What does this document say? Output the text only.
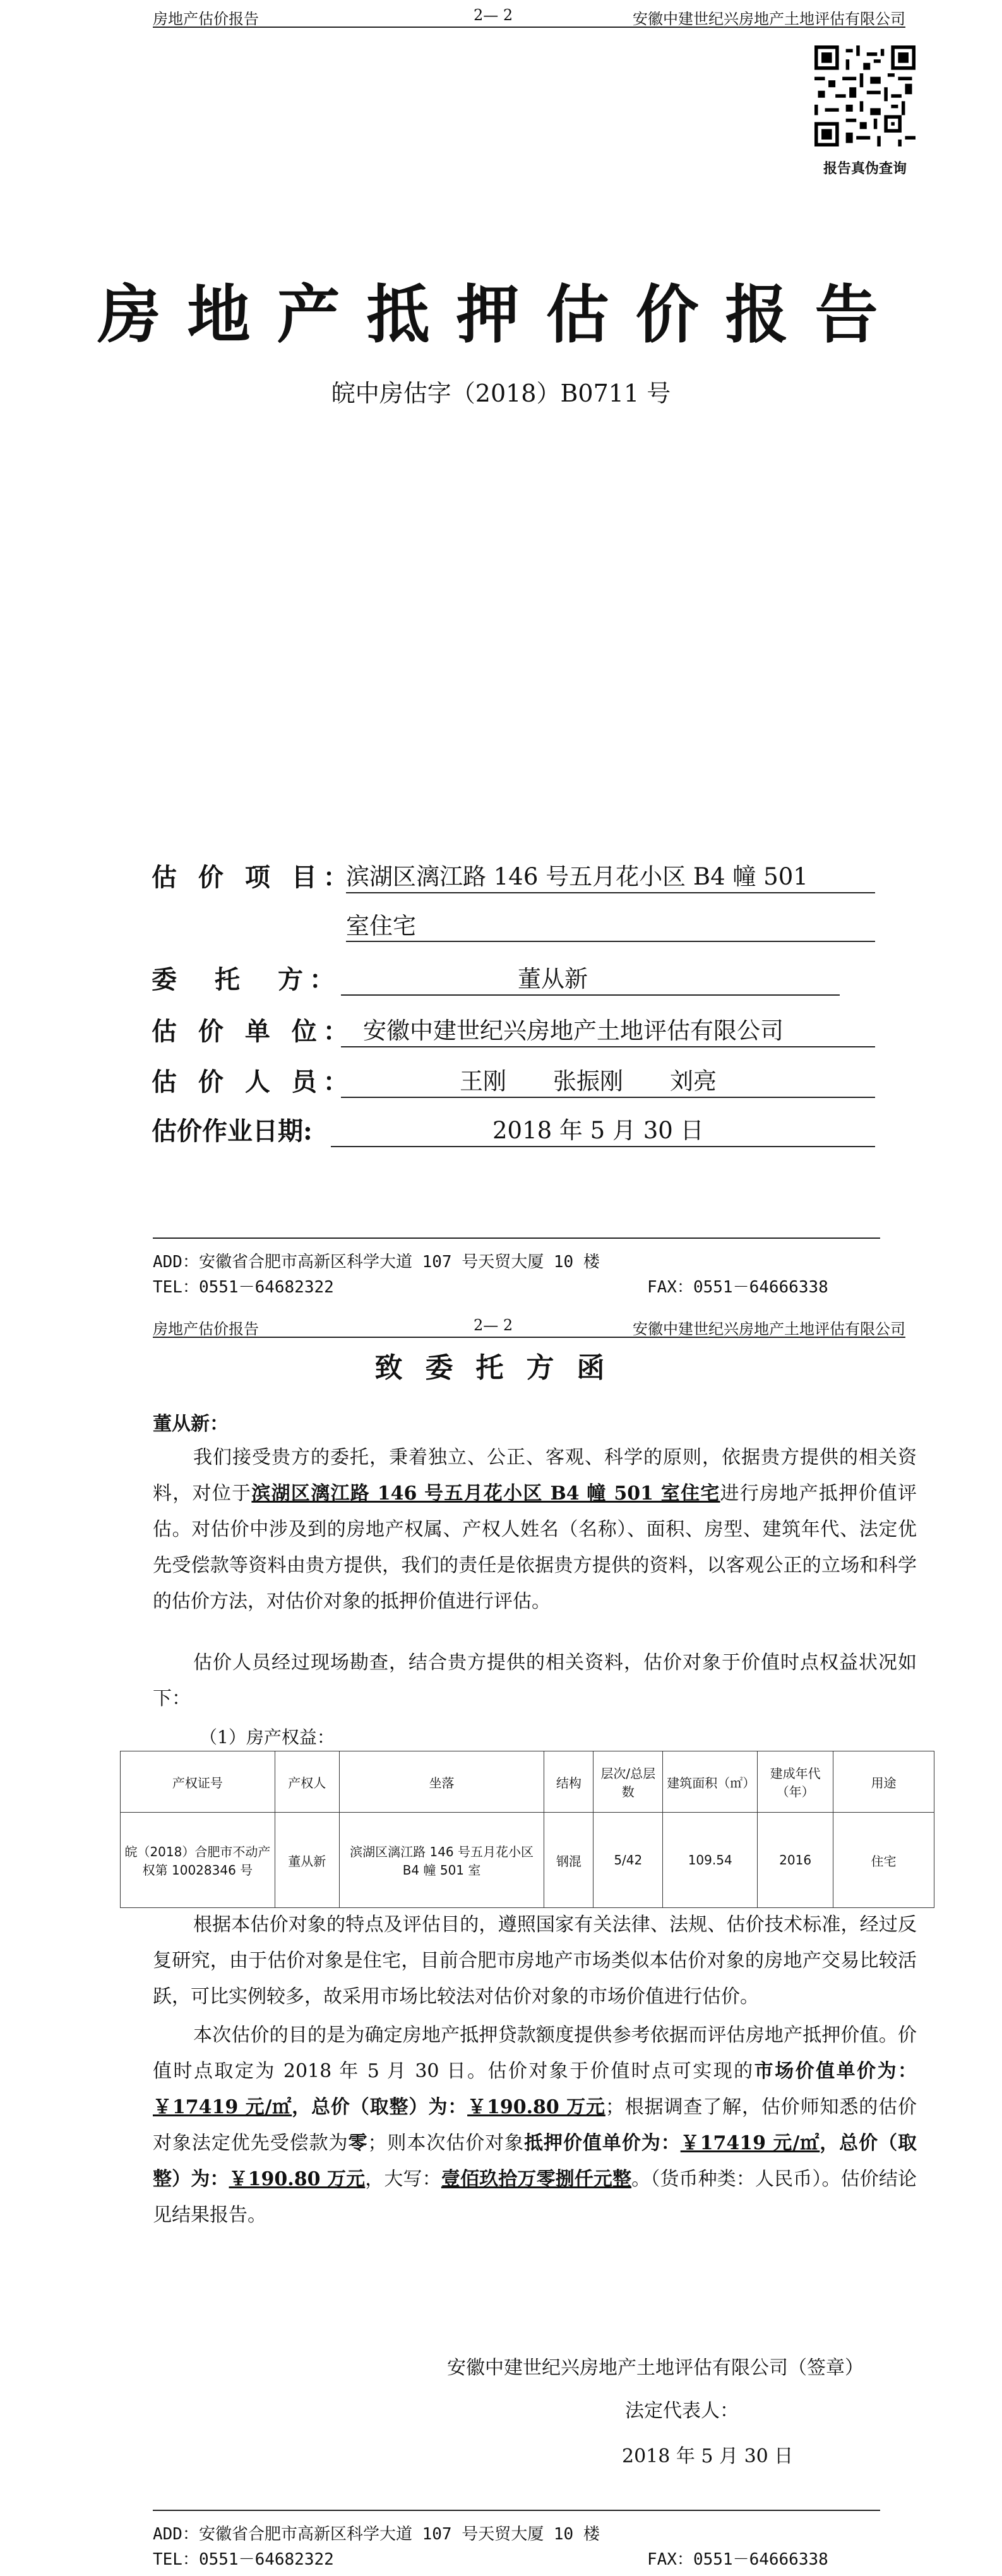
房地产估价报告	2— 2	安徽中建世纪兴房地产土地评估有限公司
报告真伪查询
房地产抵押估价报告
皖中房估字（2018）B0711 号
估 价 项 目：
滨湖区漓江路 146 号五月花小区 B4 幢 501
室住宅
委　托　方：	董从新
估 价 单 位： 安徽中建世纪兴房地产土地评估有限公司
估 价 人 员：	王刚　　张振刚　　刘亮
估价作业日期:	2018 年 5 月 30 日
ADD：安徽省合肥市高新区科学大道 107 号天贸大厦 10 楼
TEL：0551－64682322	FAX：0551－64666338
房地产估价报告	2— 2	安徽中建世纪兴房地产土地评估有限公司
致委托方函
董从新：
我们接受贵方的委托，秉着独立、公正、客观、科学的原则，依据贵方提供的相关资料，对位于滨湖区漓江路 146 号五月花小区 B4 幢 501 室住宅进行房地产抵押价值评估。对估价中涉及到的房地产权属、产权人姓名（名称）、面积、房型、建筑年代、法定优先受偿款等资料由贵方提供，我们的责任是依据贵方提供的资料，以客观公正的立场和科学的估价方法，对估价对象的抵押价值进行评估。
估价人员经过现场勘查，结合贵方提供的相关资料，估价对象于价值时点权益状况如下：
（1）房产权益：
产权证号	产权人	坐落	结构	层次/总层数	建筑面积（㎡）	建成年代（年）	用途
皖（2018）合肥市不动产权第 10028346 号	董从新	滨湖区漓江路 146 号五月花小区 B4 幢 501 室	钢混	5/42	109.54	2016	住宅
根据本估价对象的特点及评估目的，遵照国家有关法律、法规、估价技术标准，经过反复研究，由于估价对象是住宅，目前合肥市房地产市场类似本估价对象的房地产交易比较活跃，可比实例较多，故采用市场比较法对估价对象的市场价值进行估价。
本次估价的目的是为确定房地产抵押贷款额度提供参考依据而评估房地产抵押价值。价值时点取定为 2018 年 5 月 30 日。估价对象于价值时点可实现的市场价值单价为：￥17419 元/㎡，总价（取整）为：￥190.80 万元；根据调查了解，估价师知悉的估价对象法定优先受偿款为零；则本次估价对象抵押价值单价为：￥17419 元/㎡，总价（取整）为：￥190.80 万元，大写：壹佰玖拾万零捌仟元整。（货币种类：人民币）。估价结论见结果报告。
安徽中建世纪兴房地产土地评估有限公司（签章）
法定代表人：
2018 年 5 月 30 日
ADD：安徽省合肥市高新区科学大道 107 号天贸大厦 10 楼
TEL：0551－64682322	FAX：0551－64666338
